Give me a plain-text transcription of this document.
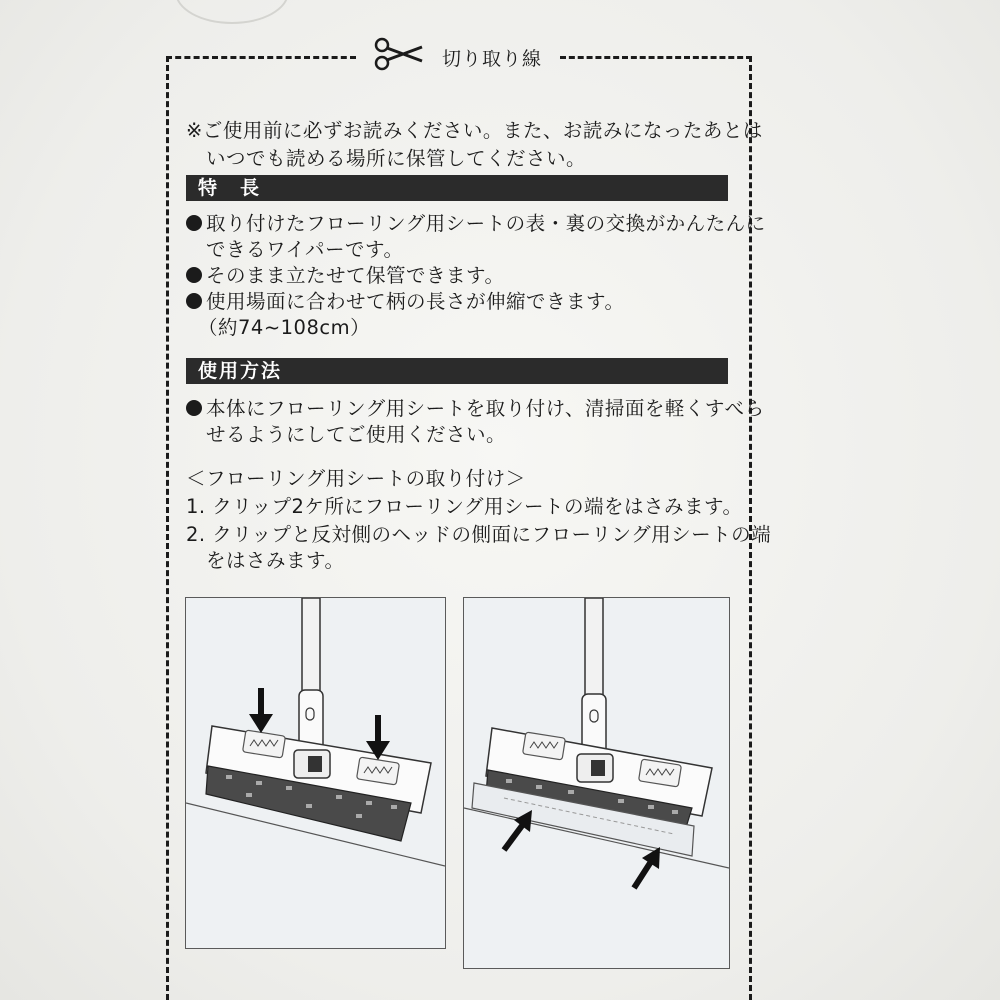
切り取り線
※ご使用前に必ずお読みください。また、お読みになったあとは
いつでも読める場所に保管してください。
特　長
取り付けたフローリング用シートの表・裏の交換がかんたんに
できるワイパーです。
そのまま立たせて保管できます。
使用場面に合わせて柄の長さが伸縮できます。
（約74~108cm）
使用方法
本体にフローリング用シートを取り付け、清掃面を軽くすべら
せるようにしてご使用ください。
＜フローリング用シートの取り付け＞
1. クリップ2ケ所にフローリング用シートの端をはさみます。
2. クリップと反対側のヘッドの側面にフローリング用シートの端
をはさみます。
